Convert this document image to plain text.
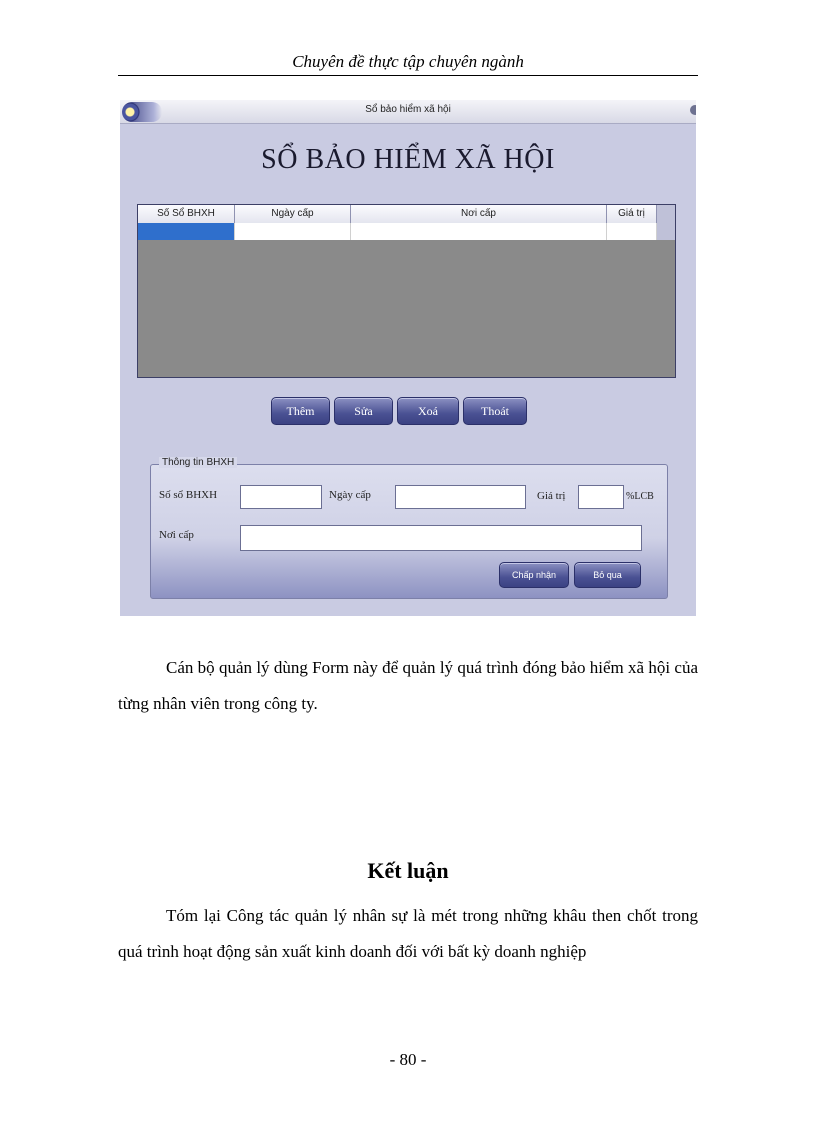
Chuyên đề thực tập chuyên ngành
Sổ bảo hiểm xã hội
SỔ BẢO HIỂM XÃ HỘI
Số Sổ BHXH	Ngày cấp	Nơi cấp	Giá trị
Thêm	Sửa	Xoá	Thoát
Thông tin BHXH
Số sổ BHXH	Ngày cấp	Giá trị	%LCB
Nơi cấp
Chấp nhận	Bỏ qua
Cán bộ quản lý dùng Form này để quản lý quá trình đóng bảo hiểm xã hội của từng nhân viên trong công ty.
Kết luận
Tóm lại Công tác quản lý nhân sự là mét trong những khâu then chốt trong quá trình hoạt động sản xuất kinh doanh đối với bất kỳ doanh nghiệp
- 80 -
